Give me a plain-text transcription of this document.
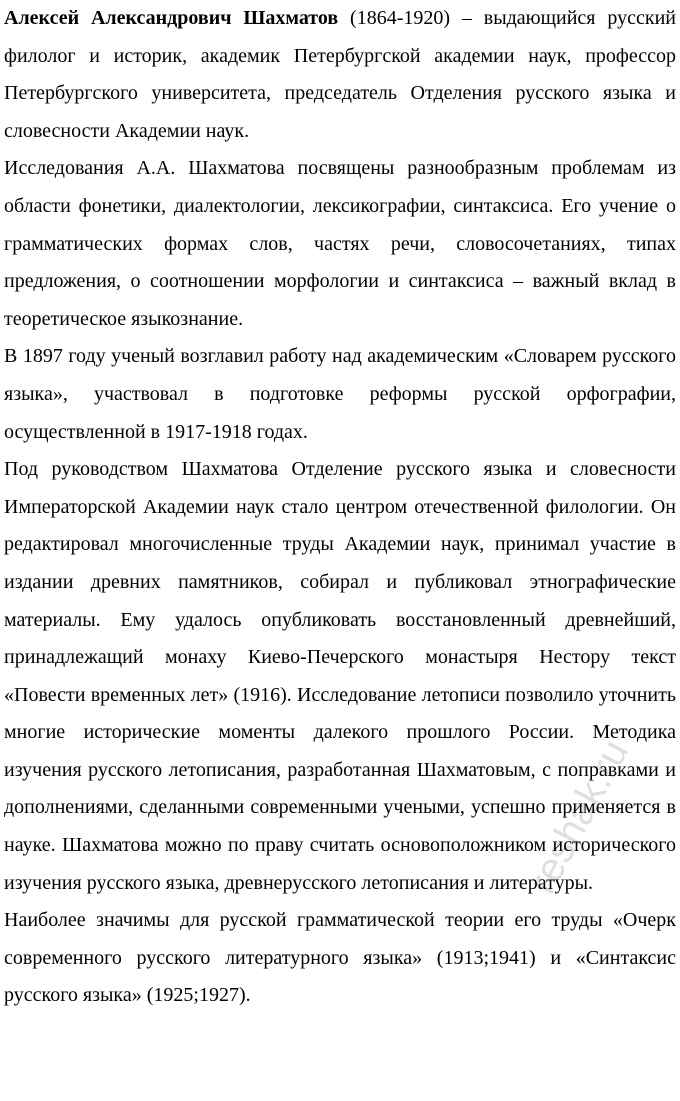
Алексей Александрович Шахматов (1864-1920) – выдающийся русский филолог и историк, академик Петербургской академии наук, профессор Петербургского университета, председатель Отделения русского языка и словесности Академии наук.

Исследования А.А. Шахматова посвящены разнообразным проблемам из области фонетики, диалектологии, лексикографии, синтаксиса. Его учение о грамматических формах слов, частях речи, словосочетаниях, типах предложения, о соотношении морфологии и синтаксиса – важный вклад в теоретическое языкознание.

В 1897 году ученый возглавил работу над академическим «Словарем русского языка», участвовал в подготовке реформы русской орфографии, осуществленной в 1917-1918 годах.

Под руководством Шахматова Отделение русского языка и словесности Императорской Академии наук стало центром отечественной филологии. Он редактировал многочисленные труды Академии наук, принимал участие в издании древних памятников, собирал и публиковал этнографические материалы. Ему удалось опубликовать восстановленный древнейший, принадлежащий монаху Киево-Печерского монастыря Нестору текст «Повести временных лет» (1916). Исследование летописи позволило уточнить многие исторические моменты далекого прошлого России. Методика изучения русского летописания, разработанная Шахматовым, с поправками и дополнениями, сделанными современными учеными, успешно применяется в науке. Шахматова можно по праву считать основоположником исторического изучения русского языка, древнерусского летописания и литературы.

Наиболее значимы для русской грамматической теории его труды «Очерк современного русского литературного языка» (1913;1941) и «Синтаксис русского языка» (1925;1927).

reshak.ru
